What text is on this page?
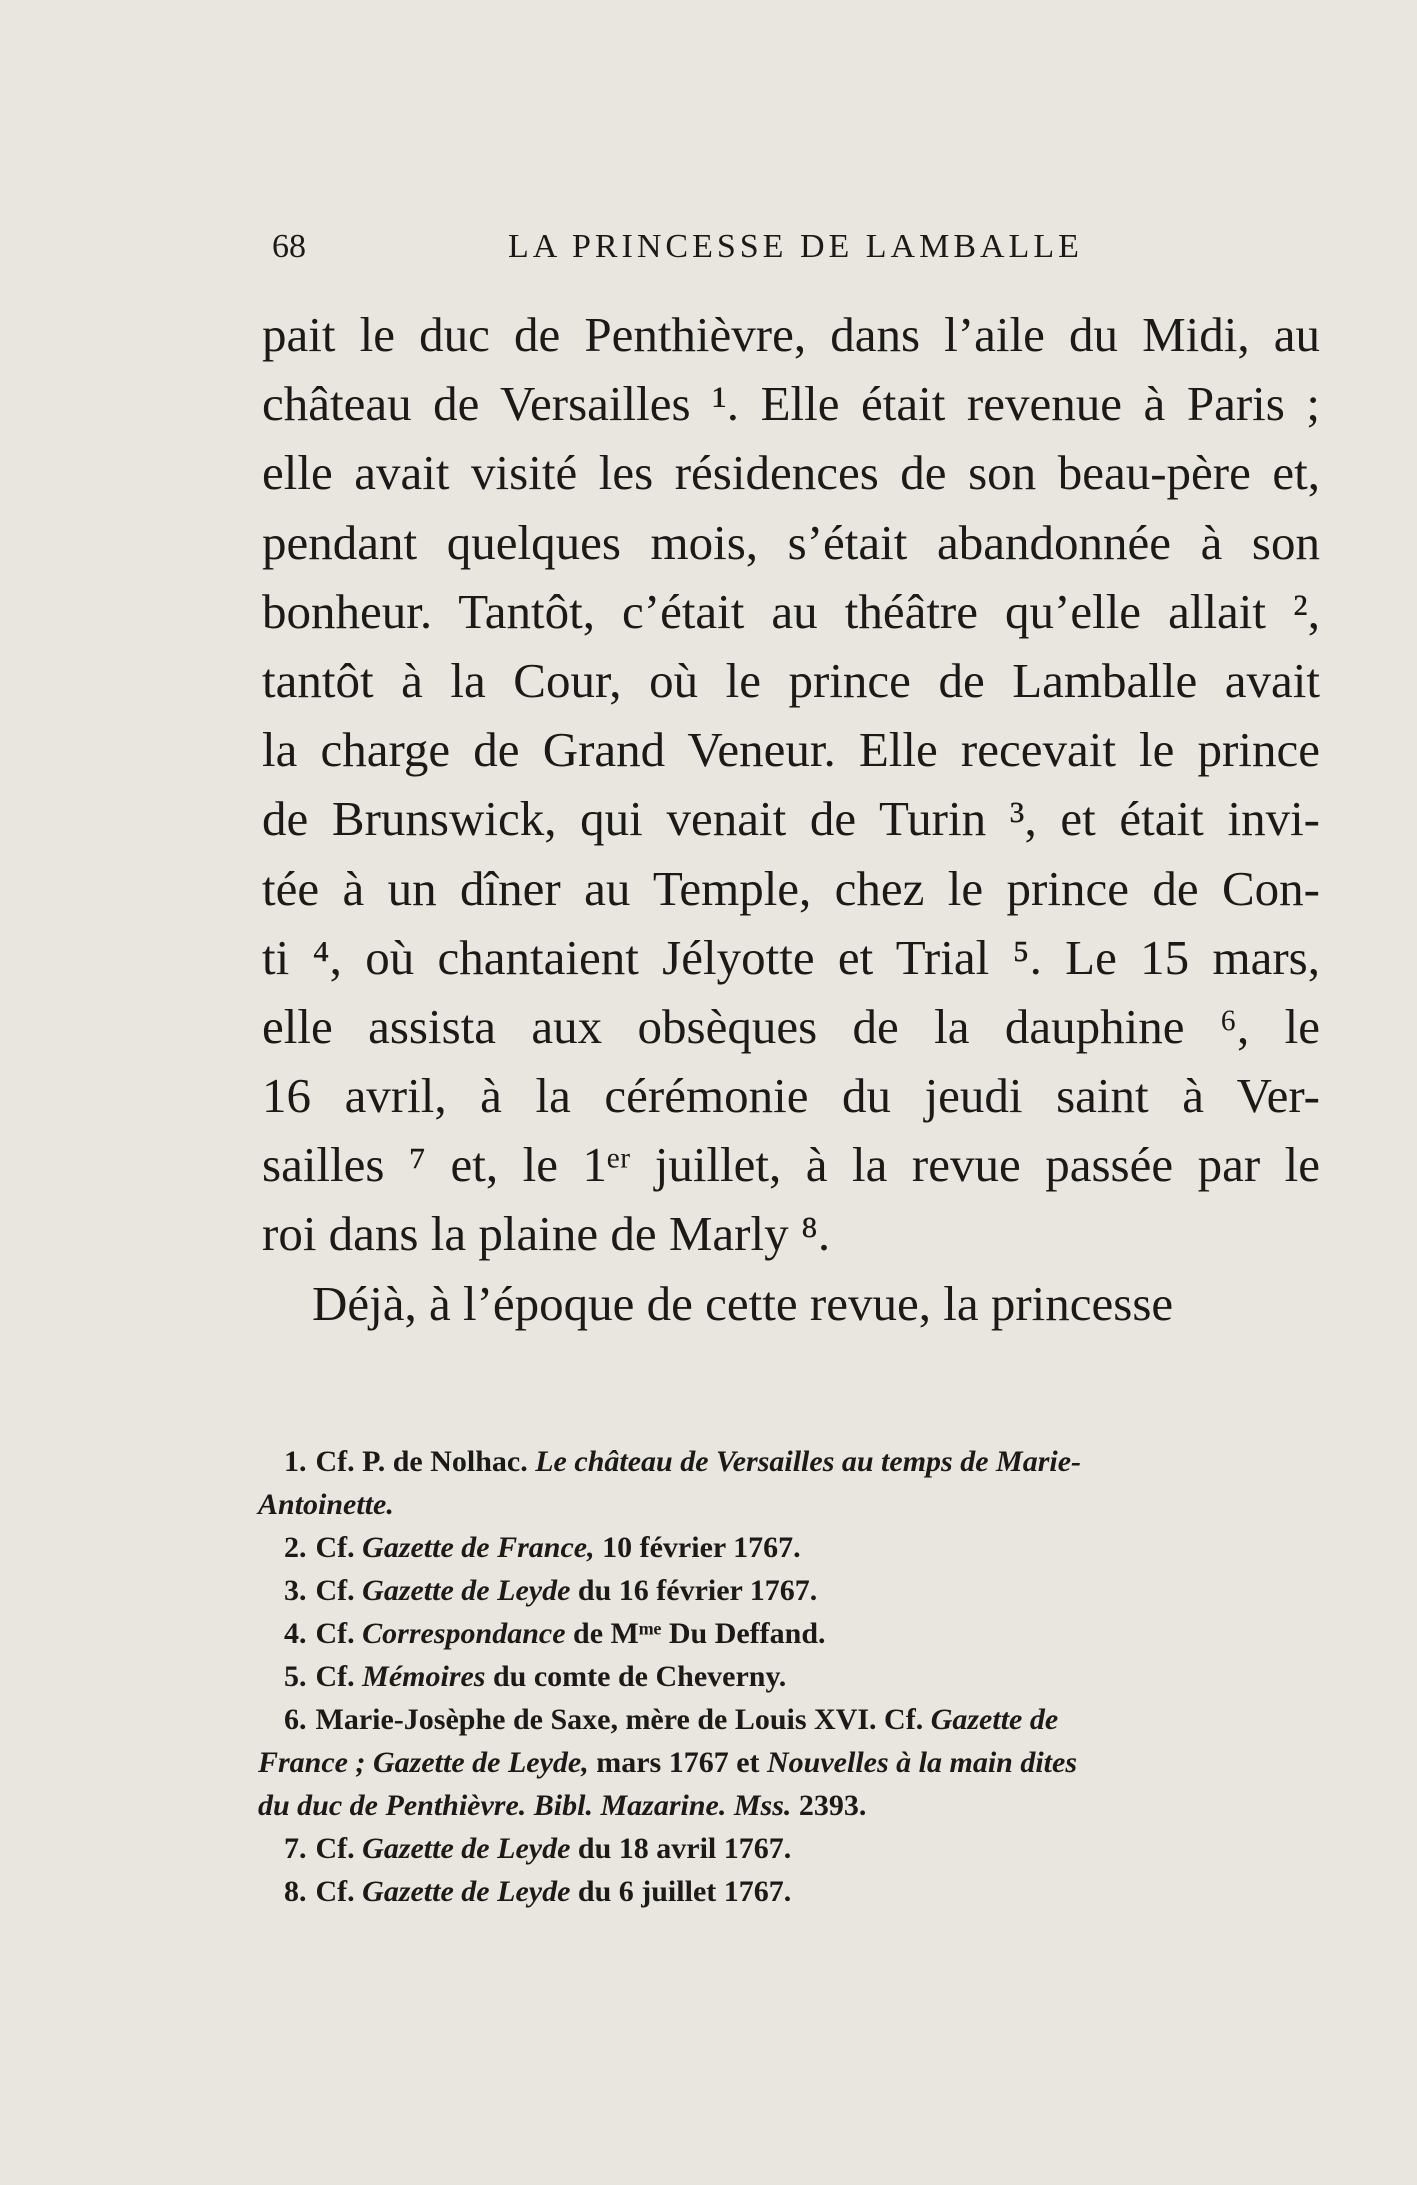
68	LA PRINCESSE DE LAMBALLE
pait le duc de Penthièvre, dans l’aile du Midi, au
château de Versailles ¹. Elle était revenue à Paris ;
elle avait visité les résidences de son beau-père et,
pendant quelques mois, s’était abandonnée à son
bonheur. Tantôt, c’était au théâtre qu’elle allait ²,
tantôt à la Cour, où le prince de Lamballe avait
la charge de Grand Veneur. Elle recevait le prince
de Brunswick, qui venait de Turin ³, et était invi-
tée à un dîner au Temple, chez le prince de Con-
ti ⁴, où chantaient Jélyotte et Trial ⁵. Le 15 mars,
elle assista aux obsèques de la dauphine ⁶, le
16 avril, à la cérémonie du jeudi saint à Ver-
sailles ⁷ et, le 1ᵉʳ juillet, à la revue passée par le
roi dans la plaine de Marly ⁸.
Déjà, à l’époque de cette revue, la princesse
1. Cf. P. de Nolhac. Le château de Versailles au temps de Marie-
Antoinette.
2. Cf. Gazette de France, 10 février 1767.
3. Cf. Gazette de Leyde du 16 février 1767.
4. Cf. Correspondance de Mᵐᵉ Du Deffand.
5. Cf. Mémoires du comte de Cheverny.
6. Marie-Josèphe de Saxe, mère de Louis XVI. Cf. Gazette de
France ; Gazette de Leyde, mars 1767 et Nouvelles à la main dites
du duc de Penthièvre. Bibl. Mazarine. Mss. 2393.
7. Cf. Gazette de Leyde du 18 avril 1767.
8. Cf. Gazette de Leyde du 6 juillet 1767.
